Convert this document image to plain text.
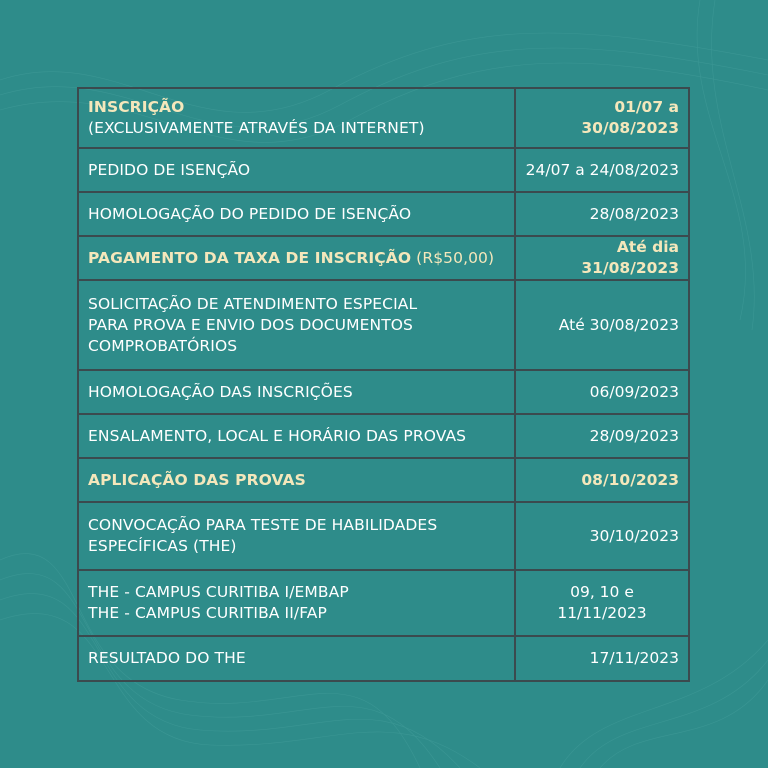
INSCRIÇÃO
(EXCLUSIVAMENTE ATRAVÉS DA INTERNET)	01/07 a 30/08/2023
PEDIDO DE ISENÇÃO	24/07 a 24/08/2023
HOMOLOGAÇÃO DO PEDIDO DE ISENÇÃO	28/08/2023
PAGAMENTO DA TAXA DE INSCRIÇÃO (R$50,00)	Até dia 31/08/2023

SOLICITAÇÃO DE ATENDIMENTO ESPECIAL
PARA PROVA E ENVIO DOS DOCUMENTOS
COMPROBATÓRIOS	Até 30/08/2023
HOMOLOGAÇÃO DAS INSCRIÇÕES	06/09/2023
ENSALAMENTO, LOCAL E HORÁRIO DAS PROVAS	28/09/2023
APLICAÇÃO DAS PROVAS	08/10/2023

CONVOCAÇÃO PARA TESTE DE HABILIDADES
ESPECÍFICAS (THE)	30/10/2023

THE - CAMPUS CURITIBA I/EMBAP
THE - CAMPUS CURITIBA II/FAP	09, 10 e 11/11/2023
RESULTADO DO THE	17/11/2023
